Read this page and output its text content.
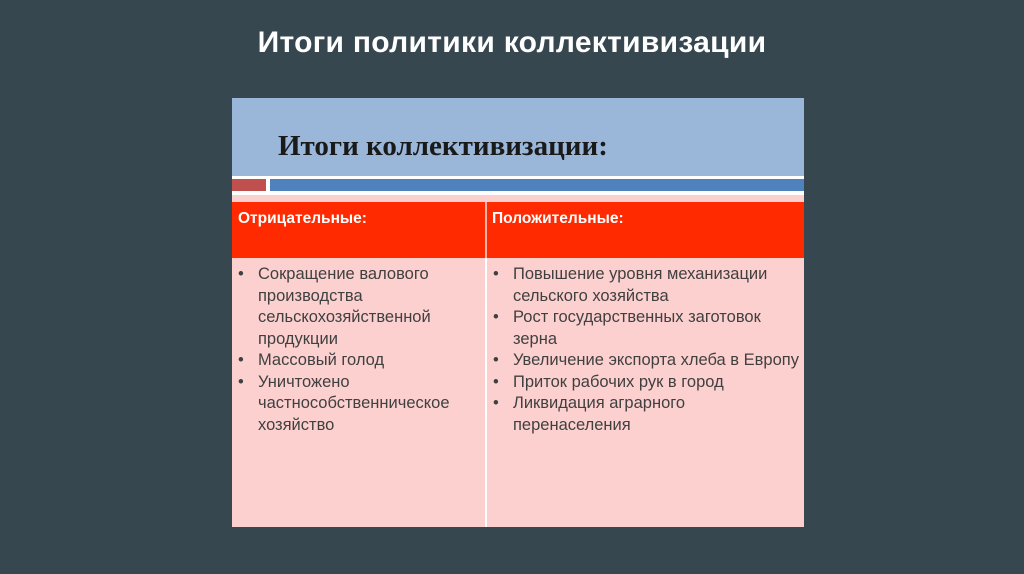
Итоги политики коллективизации
Итоги коллективизации:
Отрицательные:	Положительные:
• Сокращение валового производства сельскохозяйственной продукции
• Массовый голод
• Уничтожено частнособственническое хозяйство
• Повышение уровня механизации сельского хозяйства
• Рост государственных заготовок зерна
• Увеличение экспорта хлеба в Европу
• Приток рабочих рук в город
• Ликвидация аграрного перенаселения
